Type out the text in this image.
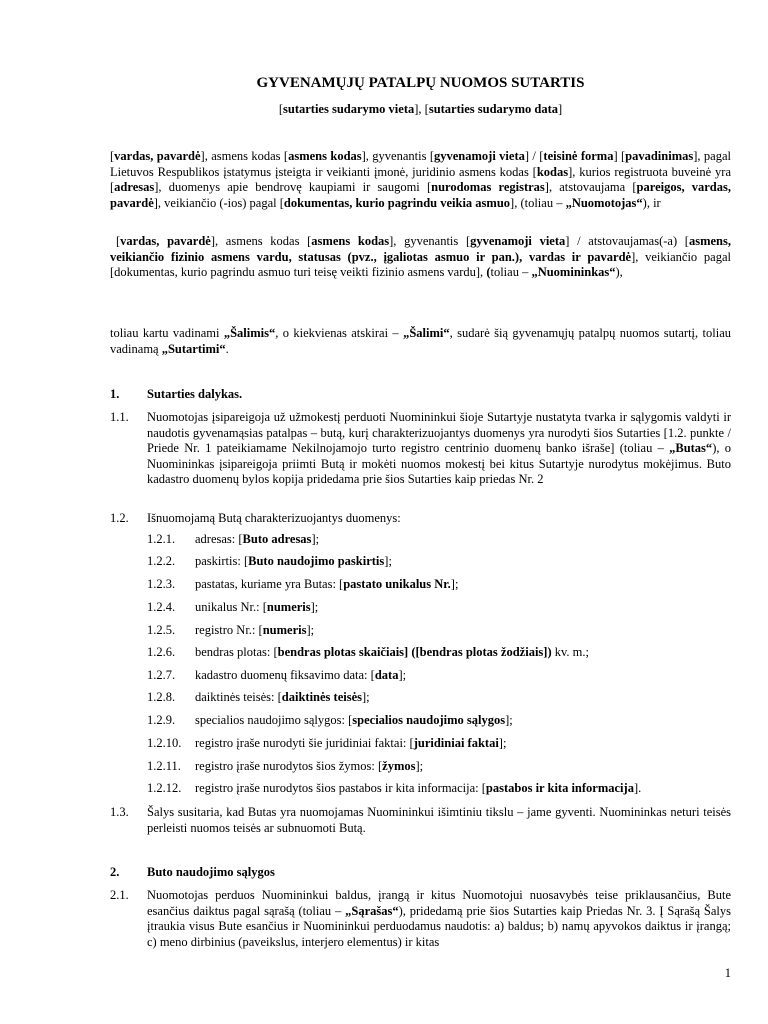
GYVENAMŲJŲ PATALPŲ NUOMOS SUTARTIS
[sutarties sudarymo vieta], [sutarties sudarymo data]
[vardas, pavardė], asmens kodas [asmens kodas], gyvenantis [gyvenamoji vieta] / [teisinė forma] [pavadinimas], pagal Lietuvos Respublikos įstatymus įsteigta ir veikianti įmonė, juridinio asmens kodas [kodas], kurios registruota buveinė yra [adresas], duomenys apie bendrovę kaupiami ir saugomi [nurodomas registras], atstovaujama [pareigos, vardas, pavardė], veikiančio (-ios) pagal [dokumentas, kurio pagrindu veikia asmuo], (toliau – „Nuomotojas“), ir
[vardas, pavardė], asmens kodas [asmens kodas], gyvenantis [gyvenamoji vieta] / atstovaujamas(-a) [asmens, veikiančio fizinio asmens vardu, statusas (pvz., įgaliotas asmuo ir pan.), vardas ir pavardė], veikiančio pagal [dokumentas, kurio pagrindu asmuo turi teisę veikti fizinio asmens vardu], (toliau – „Nuomininkas“),
toliau kartu vadinami „Šalimis“, o kiekvienas atskirai – „Šalimi“, sudarė šią gyvenamųjų patalpų nuomos sutartį, toliau vadinamą „Sutartimi“.
1. Sutarties dalykas.
1.1.	Nuomotojas įsipareigoja už užmokestį perduoti Nuomininkui šioje Sutartyje nustatyta tvarka ir sąlygomis valdyti ir naudotis gyvenamąsias patalpas – butą, kurį charakterizuojantys duomenys yra nurodyti šios Sutarties [1.2. punkte / Priede Nr. 1 pateikiamame Nekilnojamojo turto registro centrinio duomenų banko išraše] (toliau – „Butas“), o Nuomininkas įsipareigoja priimti Butą ir mokėti nuomos mokestį bei kitus Sutartyje nurodytus mokėjimus. Buto kadastro duomenų bylos kopija pridedama prie šios Sutarties kaip priedas Nr. 2
1.2.	Išnuomojamą Butą charakterizuojantys duomenys:
1.2.1. adresas: [Buto adresas];
1.2.2. paskirtis: [Buto naudojimo paskirtis];
1.2.3. pastatas, kuriame yra Butas: [pastato unikalus Nr.];
1.2.4. unikalus Nr.: [numeris];
1.2.5. registro Nr.: [numeris];
1.2.6. bendras plotas: [bendras plotas skaičiais] ([bendras plotas žodžiais]) kv. m.;
1.2.7. kadastro duomenų fiksavimo data: [data];
1.2.8. daiktinės teisės: [daiktinės teisės];
1.2.9. specialios naudojimo sąlygos: [specialios naudojimo sąlygos];
1.2.10. registro įraše nurodyti šie juridiniai faktai: [juridiniai faktai];
1.2.11. registro įraše nurodytos šios žymos: [žymos];
1.2.12. registro įraše nurodytos šios pastabos ir kita informacija: [pastabos ir kita informacija].
1.3.	Šalys susitaria, kad Butas yra nuomojamas Nuomininkui išimtiniu tikslu – jame gyventi. Nuomininkas neturi teisės perleisti nuomos teisės ar subnuomoti Butą.
2. Buto naudojimo sąlygos
2.1.	Nuomotojas perduos Nuomininkui baldus, įrangą ir kitus Nuomotojui nuosavybės teise priklausančius, Bute esančius daiktus pagal sąrašą (toliau – „Sąrašas“), pridedamą prie šios Sutarties kaip Priedas Nr. 3. Į Sąrašą Šalys įtraukia visus Bute esančius ir Nuomininkui perduodamus naudotis: a) baldus; b) namų apyvokos daiktus ir įrangą; c) meno dirbinius (paveikslus, interjero elementus) ir kitas
1
